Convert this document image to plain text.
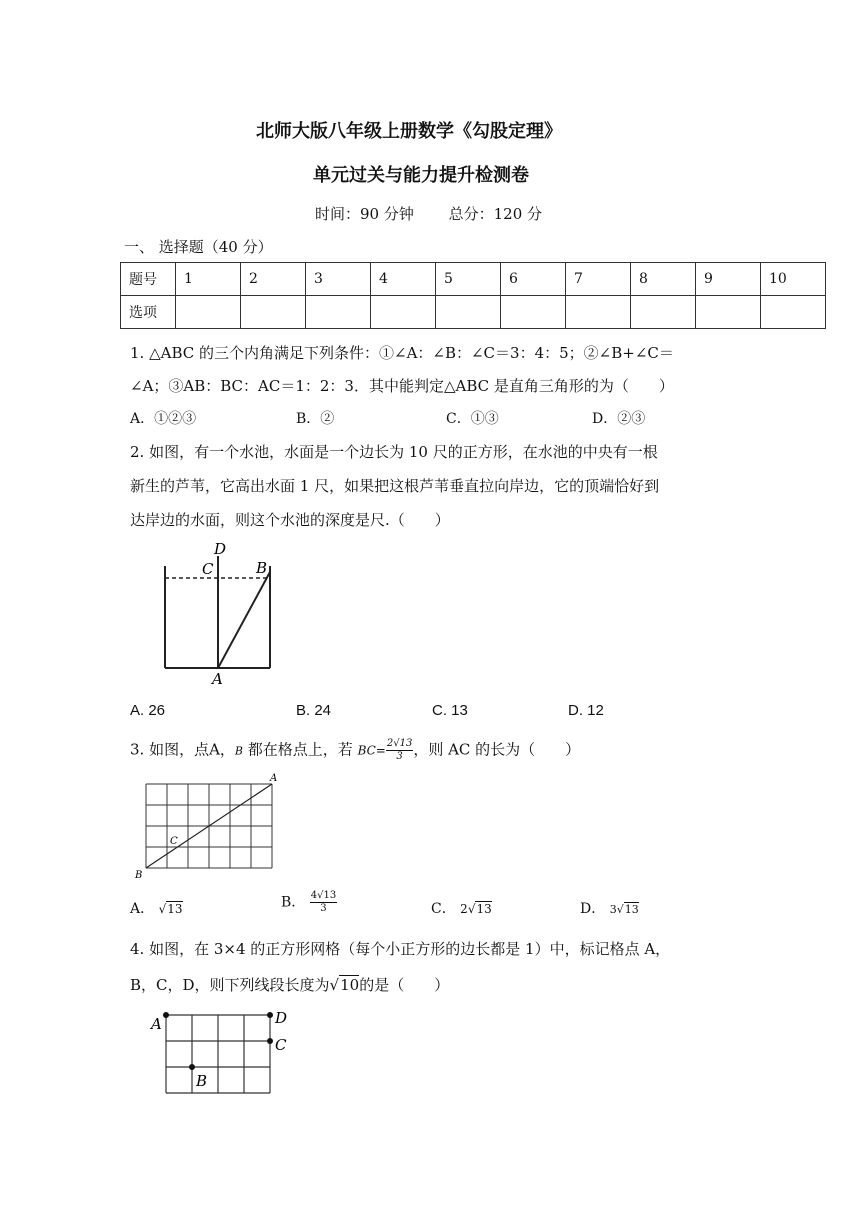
北师大版八年级上册数学《勾股定理》
单元过关与能力提升检测卷
时间：90 分钟　　 总分：120 分
一、 选择题（40 分）
题号	1	2	3	4	5	6	7	8	9	10
选项										
1. △ABC 的三个内角满足下列条件：①∠A：∠B：∠C＝3：4：5；②∠B+∠C＝
∠A；③AB：BC：AC＝1：2：3．其中能判定△ABC 是直角三角形的为（　　）
A．①②③	B．②	C．①③	D．②③
2. 如图，有一个水池，水面是一个边长为 10 尺的正方形，在水池的中央有一根
新生的芦苇，它高出水面 1 尺，如果把这根芦苇垂直拉向岸边，它的顶端恰好到
达岸边的水面，则这个水池的深度是尺.（　　）
D
C	B
A
A. 26	B. 24	C. 13	D. 12
3. 如图，点A，B 都在格点上，若 $BC= \frac{2√13}{3}$ ，则 AC 的长为（　　）
A
C
B
A． √13	B． $\frac{4√13}{3}$	C． 2√13	D． 3√13
4. 如图，在 3×4 的正方形网格（每个小正方形的边长都是 1）中，标记格点 A，
B，C，D，则下列线段长度为√10的是（　　）
A	D
C
B
